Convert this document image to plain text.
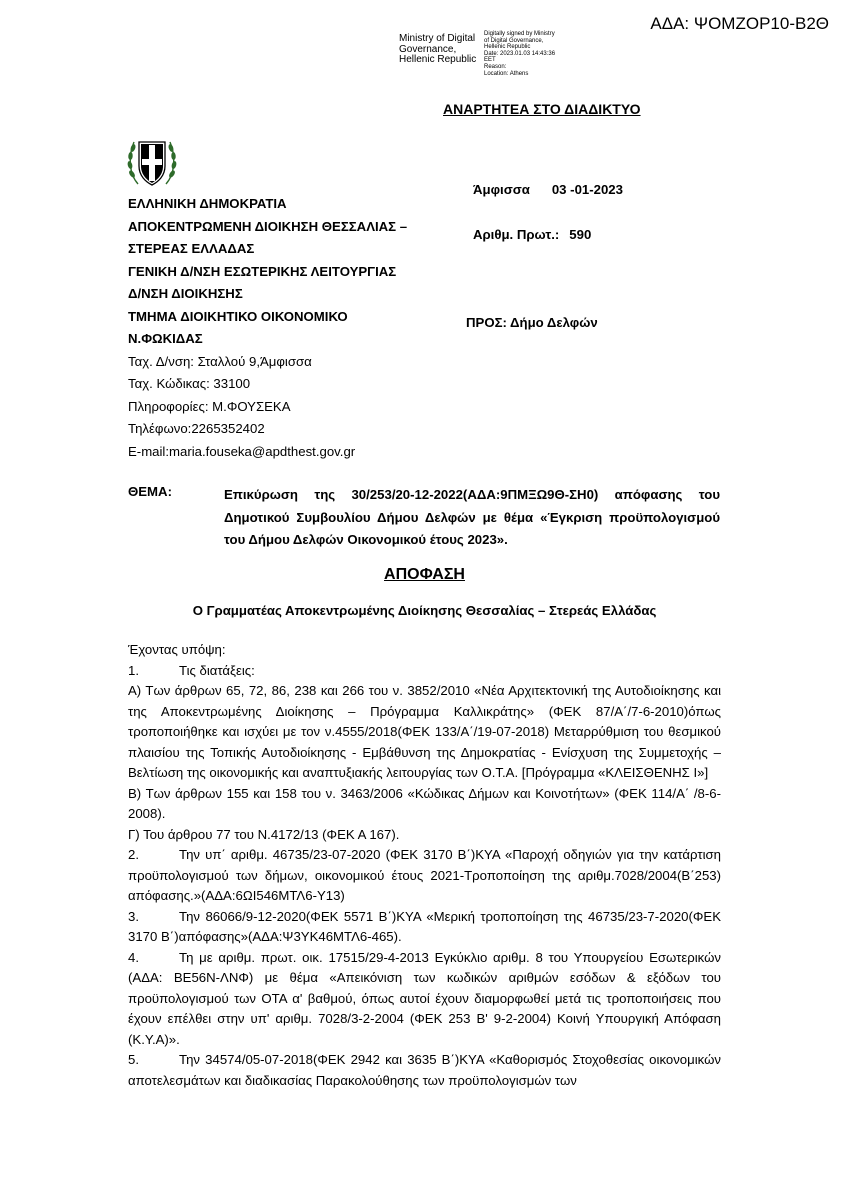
ΑΔΑ: ΨΟΜΖΟΡ10-Β2Θ
Ministry of Digital
Governance,
Hellenic Republic
Digitally signed by Ministry
of Digital Governance,
Hellenic Republic
Date: 2023.01.03 14:43:36
EET
Reason:
Location: Athens
ΑΝΑΡΤΗΤΕΑ ΣΤΟ ΔΙΑΔΙΚΤΥΟ
ΕΛΛΗΝΙΚΗ ΔΗΜΟΚΡΑΤΙΑ
ΑΠΟΚΕΝΤΡΩΜΕΝΗ ΔΙΟΙΚΗΣΗ ΘΕΣΣΑΛΙΑΣ –
ΣΤΕΡΕΑΣ ΕΛΛΑΔΑΣ
ΓΕΝΙΚΗ Δ/ΝΣΗ ΕΣΩΤΕΡΙΚΗΣ ΛΕΙΤΟΥΡΓΙΑΣ
Δ/ΝΣΗ ΔΙΟΙΚΗΣΗΣ
ΤΜΗΜΑ ΔΙΟΙΚΗΤΙΚΟ ΟΙΚΟΝΟΜΙΚΟ
Ν.ΦΩΚΙΔΑΣ
Ταχ. Δ/νση: Σταλλού 9,Άμφισσα
Ταχ. Κώδικας: 33100
Πληροφορίες: Μ.ΦΟΥΣΕΚΑ
Τηλέφωνο:2265352402
E-mail:maria.fouseka@apdthest.gov.gr
Άμφισσα 03 -01-2023
Αριθμ. Πρωτ.: 590
ΠΡΟΣ: Δήμο Δελφών
ΘΕΜΑ:	Επικύρωση της 30/253/20-12-2022(ΑΔΑ:9ΠΜΞΩ9Θ-ΣΗ0) απόφασης του Δημοτικού Συμβουλίου Δήμου Δελφών με θέμα «Έγκριση προϋπολογισμού του Δήμου Δελφών Οικονομικού έτους 2023».
ΑΠΟΦΑΣΗ
Ο Γραμματέας Αποκεντρωμένης Διοίκησης Θεσσαλίας – Στερεάς Ελλάδας

Έχοντας υπόψη:

1.	Τις διατάξεις:

Α) Των άρθρων 65, 72, 86, 238 και 266 του ν. 3852/2010 «Νέα Αρχιτεκτονική της Αυτοδιοίκησης και της Αποκεντρωμένης Διοίκησης – Πρόγραμμα Καλλικράτης» (ΦΕΚ 87/Α΄/7-6-2010)όπως τροποποιήθηκε και ισχύει με τον ν.4555/2018(ΦΕΚ 133/Α΄/19-07-2018) Μεταρρύθμιση του θεσμικού πλαισίου της Τοπικής Αυτοδιοίκησης - Εμβάθυνση της Δημοκρατίας - Ενίσχυση της Συμμετοχής – Βελτίωση της οικονομικής και αναπτυξιακής λειτουργίας των Ο.Τ.Α. [Πρόγραμμα «ΚΛΕΙΣΘΕΝΗΣ Ι»]

Β) Των άρθρων 155 και 158 του ν. 3463/2006 «Κώδικας Δήμων και Κοινοτήτων» (ΦΕΚ 114/Α΄ /8-6-2008).

Γ) Του άρθρου 77 του Ν.4172/13 (ΦΕΚ Α 167).

2.	Την υπ΄ αριθμ. 46735/23-07-2020 (ΦΕΚ 3170 Β΄)ΚΥΑ «Παροχή οδηγιών για την κατάρτιση προϋπολογισμού των δήμων, οικονομικού έτους 2021-Τροποποίηση της αριθμ.7028/2004(Β΄253) απόφασης.»(ΑΔΑ:6ΩΙ546ΜΤΛ6-Υ13)

3.	Την 86066/9-12-2020(ΦΕΚ 5571 Β΄)ΚΥΑ «Μερική τροποποίηση της 46735/23-7-2020(ΦΕΚ 3170 Β΄)απόφασης»(ΑΔΑ:Ψ3ΥΚ46ΜΤΛ6-465).

4.	Τη με αριθμ. πρωτ. οικ. 17515/29-4-2013 Εγκύκλιο αριθμ. 8 του Υπουργείου Εσωτερικών (ΑΔΑ: ΒΕ56Ν-ΛΝΦ) με θέμα «Απεικόνιση των κωδικών αριθμών εσόδων & εξόδων του προϋπολογισμού των ΟΤΑ α' βαθμού, όπως αυτοί έχουν διαμορφωθεί μετά τις τροποποιήσεις που έχουν επέλθει στην υπ' αριθμ. 7028/3-2-2004 (ΦΕΚ 253 Β' 9-2-2004) Κοινή Υπουργική Απόφαση (Κ.Υ.Α)».

5.	Την 34574/05-07-2018(ΦΕΚ 2942 και 3635 Β΄)ΚΥΑ «Καθορισμός Στοχοθεσίας οικονομικών αποτελεσμάτων και διαδικασίας Παρακολούθησης των προϋπολογισμών των
